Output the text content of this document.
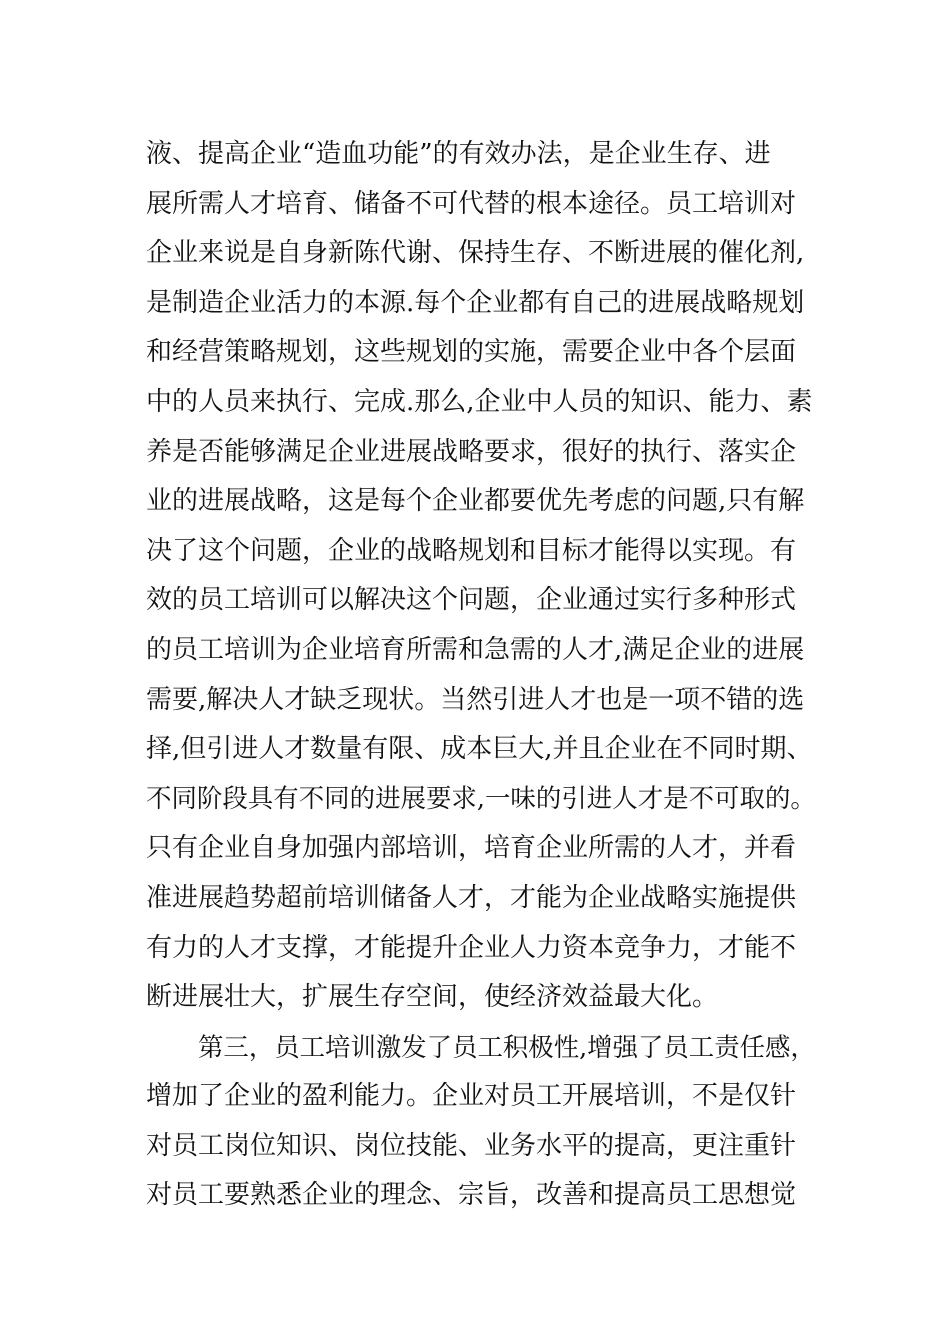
液、提高企业“造血功能”的有效办法，是企业生存、进
展所需人才培育、储备不可代替的根本途径。员工培训对
企业来说是自身新陈代谢、保持生存、不断进展的催化剂,
是制造企业活力的本源.每个企业都有自己的进展战略规划
和经营策略规划，这些规划的实施，需要企业中各个层面
中的人员来执行、完成.那么,企业中人员的知识、能力、素
养是否能够满足企业进展战略要求，很好的执行、落实企
业的进展战略，这是每个企业都要优先考虑的问题,只有解
决了这个问题，企业的战略规划和目标才能得以实现。有
效的员工培训可以解决这个问题，企业通过实行多种形式
的员工培训为企业培育所需和急需的人才,满足企业的进展
需要,解决人才缺乏现状。当然引进人才也是一项不错的选
择,但引进人才数量有限、成本巨大,并且企业在不同时期、
不同阶段具有不同的进展要求,一味的引进人才是不可取的。
只有企业自身加强内部培训，培育企业所需的人才，并看
准进展趋势超前培训储备人才，才能为企业战略实施提供
有力的人才支撑，才能提升企业人力资本竞争力，才能不
断进展壮大，扩展生存空间，使经济效益最大化。
第三，员工培训激发了员工积极性,增强了员工责任感，
增加了企业的盈利能力。企业对员工开展培训，不是仅针
对员工岗位知识、岗位技能、业务水平的提高，更注重针
对员工要熟悉企业的理念、宗旨，改善和提高员工思想觉
